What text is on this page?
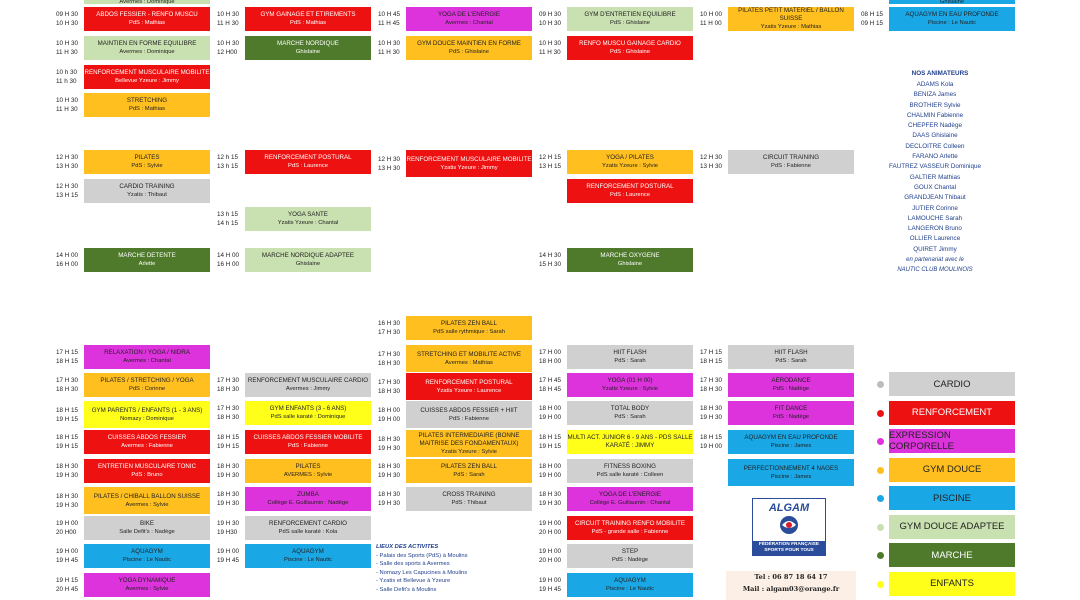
Avermes : Dominique	Ghislaine
ABDOS FESSIER - RENFO MUSCU
PdS : Mathias
09 H 30
10 H 30
MAINTIEN EN FORME EQUILIBRE
Avermes : Dominique
10 H 30
11 H 30
RENFORCEMENT MUSCULAIRE MOBILITE
Bellevue Yzeure : Jimmy
10 h 30
11 h 30
STRETCHING
PdS : Mathias
10 H 30
11 H 30
PILATES
PdS : Sylvie
12 H 30
13 H 30
CARDIO TRAINING
Yzatis : Thibaut
12 H 30
13 H 15
MARCHE DETENTE
Arlette
14 H 00
16 H 00
GYM GAINAGE ET ETIREMENTS
PdS : Mathias
10 H 30
11 H 30
MARCHE NORDIQUE
Ghislaine
10 H 30
12 H00
RENFORCEMENT POSTURAL
PdS : Laurence
12 h 15
13 h 15
YOGA SANTE
Yzatis Yzeure : Chantal
13 h 15
14 h 15
MARCHE NORDIQUE ADAPTEE
Ghislaine
14 H 00
16 H 00
YOGA DE L'ENERGIE
Avermes : Chantal
10 H 45
11 H 45
GYM DOUCE MAINTIEN EN FORME
PdS : Ghislaine
10 H 30
11 H 30
RENFORCEMENT MUSCULAIRE MOBILITE
Yzatis Yzeure : Jimmy
12 H 30
13 H 30
GYM D'ENTRETIEN EQUILIBRE
PdS : Ghislaine
09 H 30
10 H 30
RENFO MUSCU GAINAGE CARDIO
PdS : Ghislaine
10 H 30
11 H 30
YOGA / PILATES
Yzatis Yzeure : Sylvie
12 H 15
13 H 15
RENFORCEMENT POSTURAL
PdS : Laurence
MARCHE OXYGENE
Ghislaine
14 H 30
15 H 30
PILATES PETIT MATERIEL / BALLON SUISSE
Yzatis Yzeure : Mathias
10 H 00
11 H 00
CIRCUIT TRAINING
PdS : Fabienne
12 H 30
13 H 30
AQUAGYM EN EAU PROFONDE
Piscine : Le Nautic
08 H 15
09 H 15
RELAXATION / YOGA / NIDRA
Avermes : Chantal
17 H 15
18 H 15
PILATES / STRETCHING / YOGA
PdS : Corinne
17 H 30
18 H 30
GYM PARENTS / ENFANTS (1 - 3 ANS)
Nomazy : Dominique
18 H 15
19 H 15
CUISSES ABDOS FESSIER
Avermes : Fabienne
18 H 15
19 H 15
ENTRETIEN MUSCULAIRE TONIC
PdS : Bruno
18 H 30
19 H 30
PILATES / CHIBALL BALLON SUISSE
Avermes : Sylvie
18 H 30
19 H 30
BIKE
Salle Defit's : Nadège
19 H 00
20 H00
AQUAGYM
Piscine : Le Nautic
19 H 00
19 H 45
YOGA DYNAMIQUE
Avermes : Sylvie
19 H 15
20 H 45
RENFORCEMENT MUSCULAIRE CARDIO
Avermes : Jimmy
17 H 30
18 H 30
GYM ENFANTS (3 - 6 ANS)
PdS salle karaté : Dominique
17 H 30
18 H 30
CUISSES ABDOS FESSIER MOBILITE
PdS : Fabienne
18 H 15
19 H 15
PILATES
AVERMES : Sylvie
18 H 30
19 H 30
ZUMBA
Collège E. Guillaumin : Nadège
18 H 30
19 H 30
RENFORCEMENT CARDIO
PdS salle karaté : Kola
19 H 30
19 H30
AQUAGYM
Piscine : Le Nautic
19 H 00
19 H 45
PILATES ZEN BALL
PdS salle rythmique : Sarah
16 H 30
17 H 30
STRETCHING ET MOBILITE ACTIVE
Avermes : Mathias
17 H 30
18 H 30
RENFORCEMENT POSTURAL
Yzatis Yzeure : Laurence
17 H 30
18 H 30
CUISSES ABDOS FESSIER + HIIT
PdS : Fabienne
18 H 00
19 H 00
PILATES INTERMEDIAIRE (BONNE MAITRISE DES FONDAMENTAUX)
Yzatis Yzeure : Sylvie
18 H 30
19 H 30
PILATES ZEN BALL
PdS : Sarah
18 H 30
19 H 30
CROSS TRAINING
PdS : Thibaut
18 H 30
19 H 30
HIIT FLASH
PdS : Sarah
17 H 00
18 H 00
YOGA (01 H 00)
Yzatis Yzeure : Sylvie
17 H 45
18 H 45
TOTAL BODY
PdS : Sarah
18 H 00
19 H 00
MULTI ACT. JUNIOR 6 - 9 ANS - PDS SALLE KARATÉ : JIMMY
18 H 15
19 H 15
FITNESS BOXING
PdS salle karaté : Colleen
18 H 00
19 H 00
YOGA DE L'ENERGIE
Collège E. Guillaumin : Chantal
18 H 30
19 H 30
CIRCUIT TRAINING RENFO MOBILITE
PdS - grande salle : Fabienne
19 H 00
20 H 00
STEP
PdS : Nadège
19 H 00
20 H 00
AQUAGYM
Piscine : Le Nautic
19 H 00
19 H 45
HIIT FLASH
PdS : Sarah
17 H 15
18 H 15
AERODANCE
PdS : Nadège
17 H 30
18 H 30
FIT DANCE
PdS : Nadège
18 H 30
19 H 30
AQUAGYM EN EAU PROFONDE
Piscine : James
18 H 15
19 H 00
PERFECTIONNEMENT 4 NAGES
Piscine : James
NOS ANIMATEURS
ADAMS Kola
BENIZA James
BROTHIER Sylvie
CHALMIN Fabienne
CHEPFER Nadège
DAAS Ghislaine
DECLOITRE Colleen
FARANO Arlette
FAUTREZ VASSEUR Dominique
GALTIER Mathias
GOUX Chantal
GRANDJEAN Thibaut
JUTIER Corinne
LAMOUCHE Sarah
LANGERON Bruno
OLLIER Laurence
QUIRET Jimmy
en partenariat avec le
NAUTIC CLUB MOULINOIS
CARDIO
RENFORCEMENT
EXPRESSION CORPORELLE
GYM DOUCE
PISCINE
GYM DOUCE ADAPTEE
MARCHE
ENFANTS
LIEUX DES ACTIVITES
- Palais des Sports (PdS) à Moulins
- Salle des sports à Avermes
- Nomazy Les Capucines à Moulins
- Yzatis et Bellevue à Yzeure
- Salle Defit's à Moulins
ALGAM
FÉDÉRATION FRANÇAISE SPORTS POUR TOUS
Tel : 06 87 18 64 17
Mail : algam03@orange.fr
